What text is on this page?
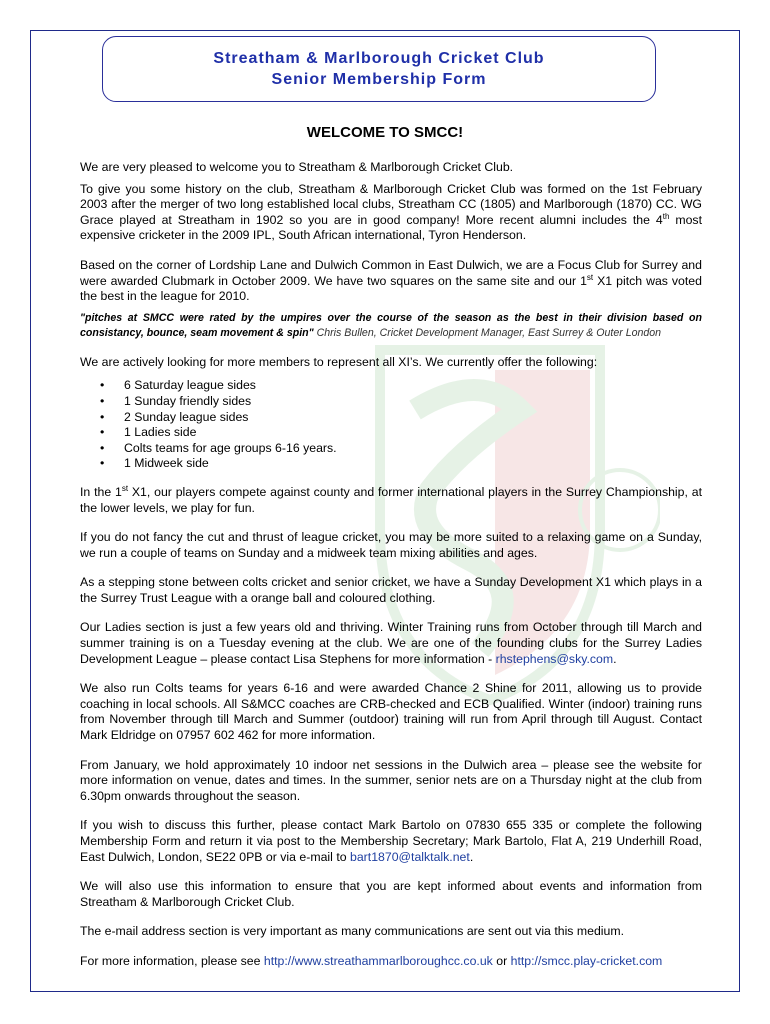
Streatham & Marlborough Cricket Club
Senior Membership Form
WELCOME TO SMCC!

We are very pleased to welcome you to Streatham & Marlborough Cricket Club.

To give you some history on the club, Streatham & Marlborough Cricket Club was formed on the 1st February 2003 after the merger of two long established local clubs, Streatham CC (1805) and Marlborough (1870) CC. WG Grace played at Streatham in 1902 so you are in good company! More recent alumni includes the 4th most expensive cricketer in the 2009 IPL, South African international, Tyron Henderson.

Based on the corner of Lordship Lane and Dulwich Common in East Dulwich, we are a Focus Club for Surrey and were awarded Clubmark in October 2009. We have two squares on the same site and our 1st X1 pitch was voted the best in the league for 2010.

"pitches at SMCC were rated by the umpires over the course of the season as the best in their division based on consistancy, bounce, seam movement & spin" Chris Bullen, Cricket Development Manager, East Surrey & Outer London

We are actively looking for more members to represent all XI’s. We currently offer the following:

• 6 Saturday league sides
• 1 Sunday friendly sides
• 2 Sunday league sides
• 1 Ladies side
• Colts teams for age groups 6-16 years.
• 1 Midweek side

In the 1st X1, our players compete against county and former international players in the Surrey Championship, at the lower levels, we play for fun.

If you do not fancy the cut and thrust of league cricket, you may be more suited to a relaxing game on a Sunday, we run a couple of teams on Sunday and a midweek team mixing abilities and ages.

As a stepping stone between colts cricket and senior cricket, we have a Sunday Development X1 which plays in a the Surrey Trust League with a orange ball and coloured clothing.

Our Ladies section is just a few years old and thriving. Winter Training runs from October through till March and summer training is on a Tuesday evening at the club. We are one of the founding clubs for the Surrey Ladies Development League – please contact Lisa Stephens for more information - rhstephens@sky.com.

We also run Colts teams for years 6-16 and were awarded Chance 2 Shine for 2011, allowing us to provide coaching in local schools. All S&MCC coaches are CRB-checked and ECB Qualified. Winter (indoor) training runs from November through till March and Summer (outdoor) training will run from April through till August. Contact Mark Eldridge on 07957 602 462 for more information.

From January, we hold approximately 10 indoor net sessions in the Dulwich area – please see the website for more information on venue, dates and times. In the summer, senior nets are on a Thursday night at the club from 6.30pm onwards throughout the season.

If you wish to discuss this further, please contact Mark Bartolo on 07830 655 335 or complete the following Membership Form and return it via post to the Membership Secretary; Mark Bartolo, Flat A, 219 Underhill Road, East Dulwich, London, SE22 0PB or via e-mail to bart1870@talktalk.net.

We will also use this information to ensure that you are kept informed about events and information from Streatham & Marlborough Cricket Club.

The e-mail address section is very important as many communications are sent out via this medium.

For more information, please see http://www.streathammarlboroughcc.co.uk or http://smcc.play-cricket.com
